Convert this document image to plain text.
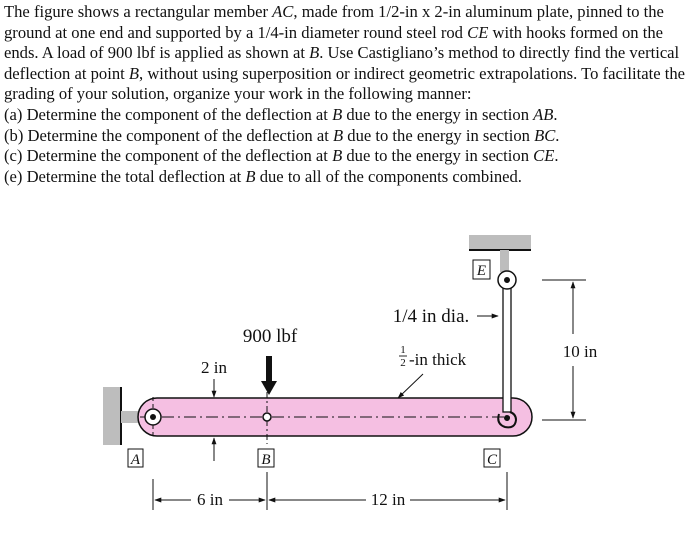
The figure shows a rectangular member AC, made from 1/2-in x 2-in aluminum plate, pinned to the ground at one end and supported by a 1/4-in diameter round steel rod CE with hooks formed on the ends. A load of 900 lbf is applied as shown at B. Use Castigliano’s method to directly find the vertical deflection at point B, without using superposition or indirect geometric extrapolations. To facilitate the grading of your solution, organize your work in the following manner:

(a) Determine the component of the deflection at B due to the energy in section AB.

(b) Determine the component of the deflection at B due to the energy in section BC.

(c) Determine the component of the deflection at B due to the energy in section CE.

(e) Determine the total deflection at B due to all of the components combined.

A	B	C
E
900 lbf
2 in
1/4 in dia.
1
2 -in thick	10 in
6 in	12 in
